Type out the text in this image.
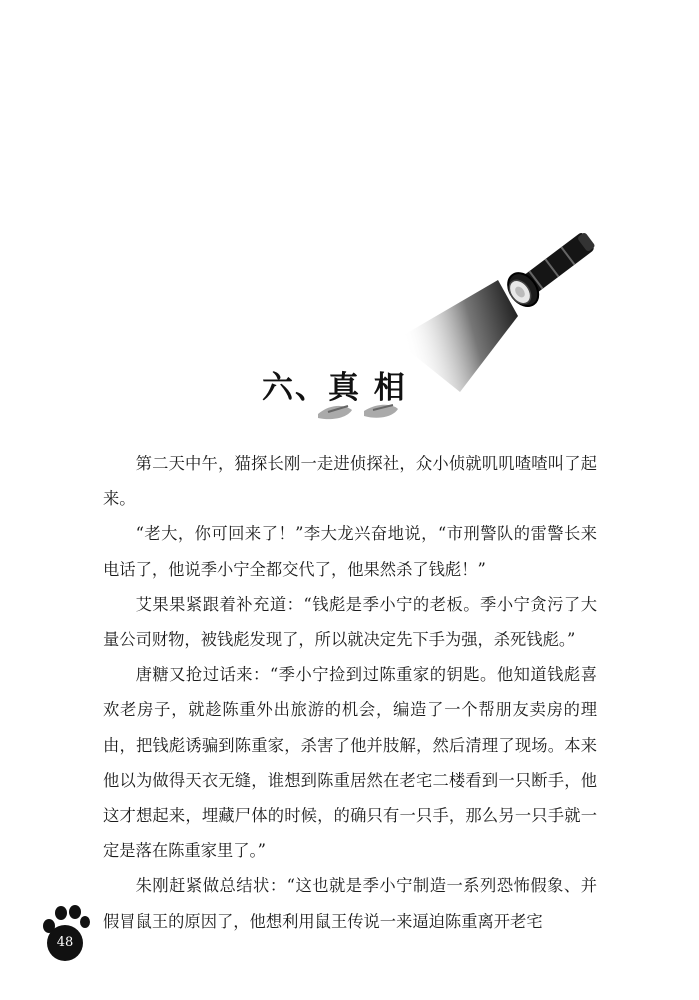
六、真 相

第二天中午，猫探长刚一走进侦探社，众小侦就叽叽喳喳叫了起来。

“老大，你可回来了！”李大龙兴奋地说，“市刑警队的雷警长来电话了，他说季小宁全都交代了，他果然杀了钱彪！”

艾果果紧跟着补充道：“钱彪是季小宁的老板。季小宁贪污了大量公司财物，被钱彪发现了，所以就决定先下手为强，杀死钱彪。”

唐糖又抢过话来：“季小宁捡到过陈重家的钥匙。他知道钱彪喜欢老房子，就趁陈重外出旅游的机会，编造了一个帮朋友卖房的理由，把钱彪诱骗到陈重家，杀害了他并肢解，然后清理了现场。本来他以为做得天衣无缝，谁想到陈重居然在老宅二楼看到一只断手，他这才想起来，埋藏尸体的时候，的确只有一只手，那么另一只手就一定是落在陈重家里了。”

朱刚赶紧做总结状：“这也就是季小宁制造一系列恐怖假象、并假冒鼠王的原因了，他想利用鼠王传说一来逼迫陈重离开老宅

48
